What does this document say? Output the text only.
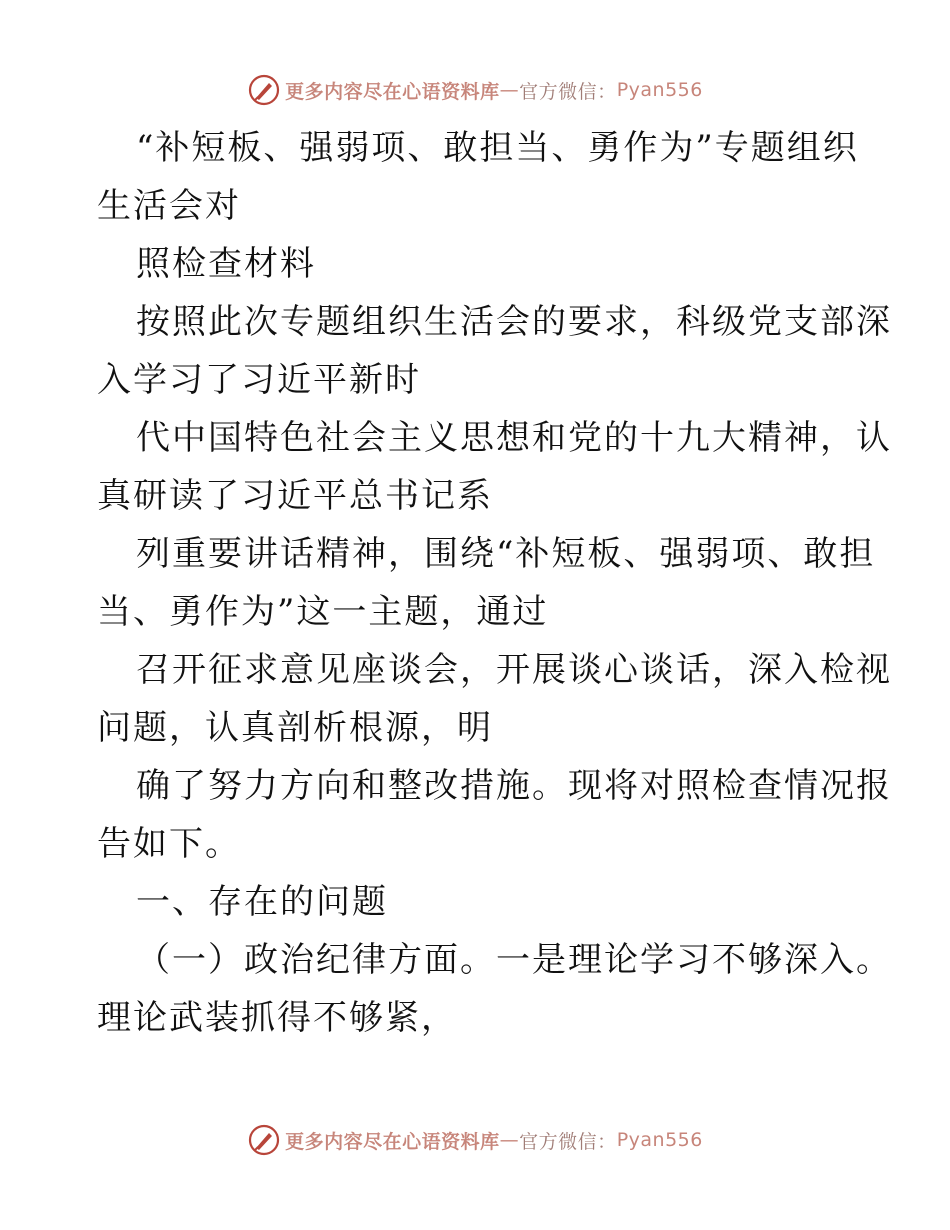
更多内容尽在心语资料库 — 官方微信： Pyan556
“补短板、强弱项、敢担当、勇作为”专题组织
生活会对
照检查材料
按照此次专题组织生活会的要求，科级党支部深
入学习了习近平新时
代中国特色社会主义思想和党的十九大精神，认
真研读了习近平总书记系
列重要讲话精神，围绕“补短板、强弱项、敢担
当、勇作为”这一主题，通过
召开征求意见座谈会，开展谈心谈话，深入检视
问题，认真剖析根源，明
确了努力方向和整改措施。现将对照检查情况报
告如下。
一、存在的问题
（一）政治纪律方面。一是理论学习不够深入。
理论武装抓得不够紧，
更多内容尽在心语资料库 — 官方微信： Pyan556
